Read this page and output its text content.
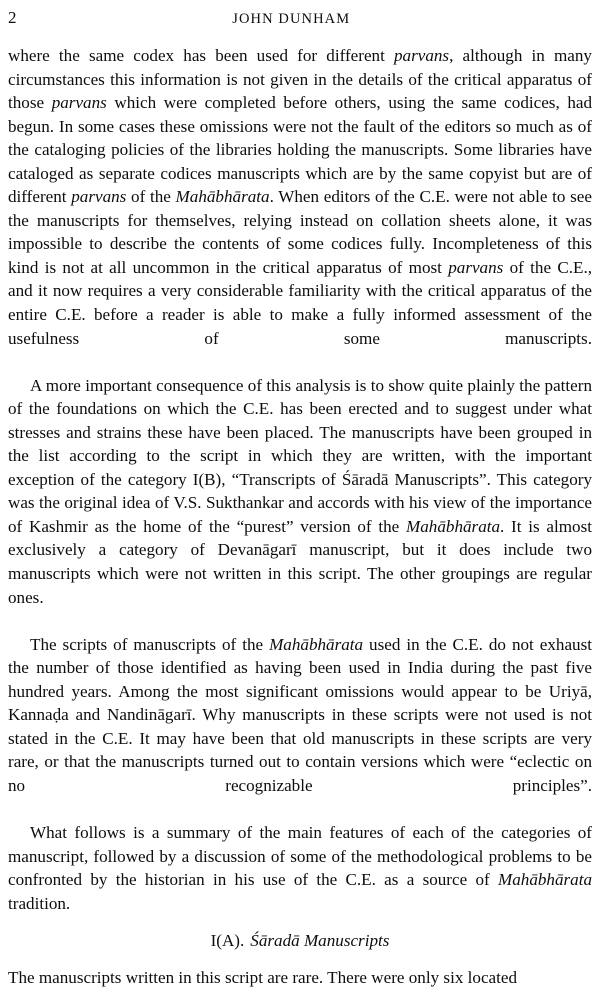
2	JOHN DUNHAM

where the same codex has been used for different parvans, although in many circumstances this information is not given in the details of the critical apparatus of those parvans which were completed before others, using the same codices, had begun. In some cases these omissions were not the fault of the editors so much as of the cataloging policies of the libraries holding the manuscripts. Some libraries have cataloged as separate codices manuscripts which are by the same copyist but are of different parvans of the Mahābhārata. When editors of the C.E. were not able to see the manuscripts for themselves, relying instead on collation sheets alone, it was impossible to describe the contents of some codices fully. Incompleteness of this kind is not at all uncommon in the critical apparatus of most parvans of the C.E., and it now requires a very considerable familiarity with the critical apparatus of the entire C.E. before a reader is able to make a fully informed assessment of the usefulness of some manuscripts.

A more important consequence of this analysis is to show quite plainly the pattern of the foundations on which the C.E. has been erected and to suggest under what stresses and strains these have been placed. The manuscripts have been grouped in the list according to the script in which they are written, with the important exception of the category I(B), “Transcripts of Śāradā Manuscripts”. This category was the original idea of V.S. Sukthankar and accords with his view of the importance of Kashmir as the home of the “purest” version of the Mahābhārata. It is almost exclusively a category of Devanāgarī manuscript, but it does include two manuscripts which were not written in this script. The other groupings are regular ones.

The scripts of manuscripts of the Mahābhārata used in the C.E. do not exhaust the number of those identified as having been used in India during the past five hundred years. Among the most significant omissions would appear to be Uriyā, Kannaḍa and Nandināgarī. Why manuscripts in these scripts were not used is not stated in the C.E. It may have been that old manuscripts in these scripts are very rare, or that the manuscripts turned out to contain versions which were “eclectic on no recognizable principles”.

What follows is a summary of the main features of each of the categories of manuscript, followed by a discussion of some of the methodological problems to be confronted by the historian in his use of the C.E. as a source of Mahābhārata tradition.

I(A). Śāradā Manuscripts
The manuscripts written in this script are rare. There were only six located
